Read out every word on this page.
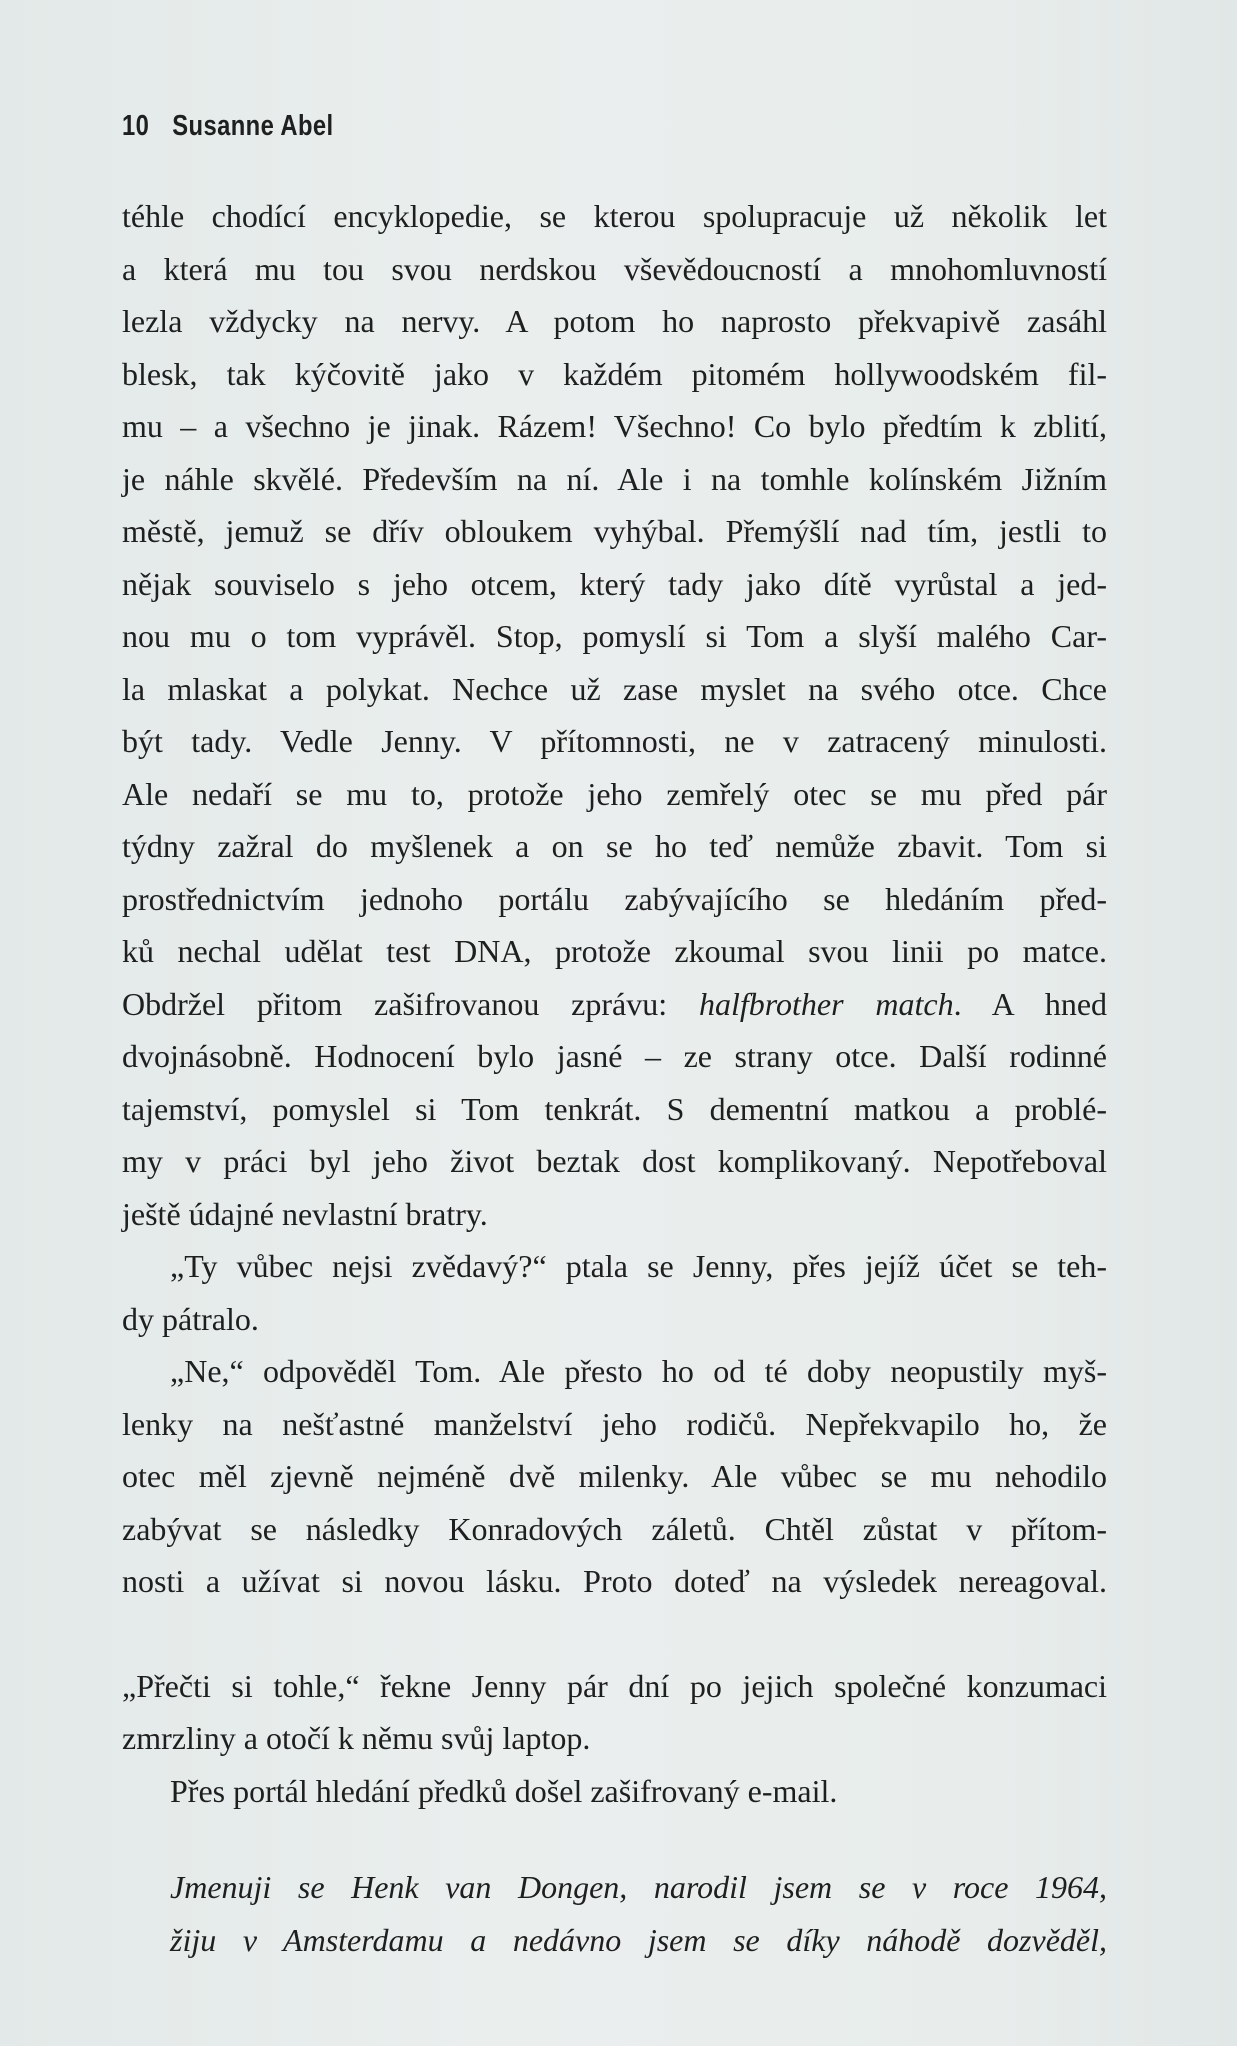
10 Susanne Abel
téhle chodící encyklopedie, se kterou spolupracuje už několik let
a která mu tou svou nerdskou vševědoucností a mnohomluvností
lezla vždycky na nervy. A potom ho naprosto překvapivě zasáhl
blesk, tak kýčovitě jako v každém pitomém hollywoodském fil-
mu – a všechno je jinak. Rázem! Všechno! Co bylo předtím k zblití,
je náhle skvělé. Především na ní. Ale i na tomhle kolínském Jižním
městě, jemuž se dřív obloukem vyhýbal. Přemýšlí nad tím, jestli to
nějak souviselo s jeho otcem, který tady jako dítě vyrůstal a jed-
nou mu o tom vyprávěl. Stop, pomyslí si Tom a slyší malého Car-
la mlaskat a polykat. Nechce už zase myslet na svého otce. Chce
být tady. Vedle Jenny. V přítomnosti, ne v zatracený minulosti.
Ale nedaří se mu to, protože jeho zemřelý otec se mu před pár
týdny zažral do myšlenek a on se ho teď nemůže zbavit. Tom si
prostřednictvím jednoho portálu zabývajícího se hledáním před-
ků nechal udělat test DNA, protože zkoumal svou linii po matce.
Obdržel přitom zašifrovanou zprávu: halfbrother match. A hned
dvojnásobně. Hodnocení bylo jasné – ze strany otce. Další rodinné
tajemství, pomyslel si Tom tenkrát. S dementní matkou a problé-
my v práci byl jeho život beztak dost komplikovaný. Nepotřeboval
ještě údajné nevlastní bratry.
„Ty vůbec nejsi zvědavý?“ ptala se Jenny, přes jejíž účet se teh-
dy pátralo.
„Ne,“ odpověděl Tom. Ale přesto ho od té doby neopustily myš-
lenky na nešťastné manželství jeho rodičů. Nepřekvapilo ho, že
otec měl zjevně nejméně dvě milenky. Ale vůbec se mu nehodilo
zabývat se následky Konradových záletů. Chtěl zůstat v přítom-
nosti a užívat si novou lásku. Proto doteď na výsledek nereagoval.
„Přečti si tohle,“ řekne Jenny pár dní po jejich společné konzumaci
zmrzliny a otočí k němu svůj laptop.
Přes portál hledání předků došel zašifrovaný e-mail.
Jmenuji se Henk van Dongen, narodil jsem se v roce 1964,
žiju v Amsterdamu a nedávno jsem se díky náhodě dozvěděl,
